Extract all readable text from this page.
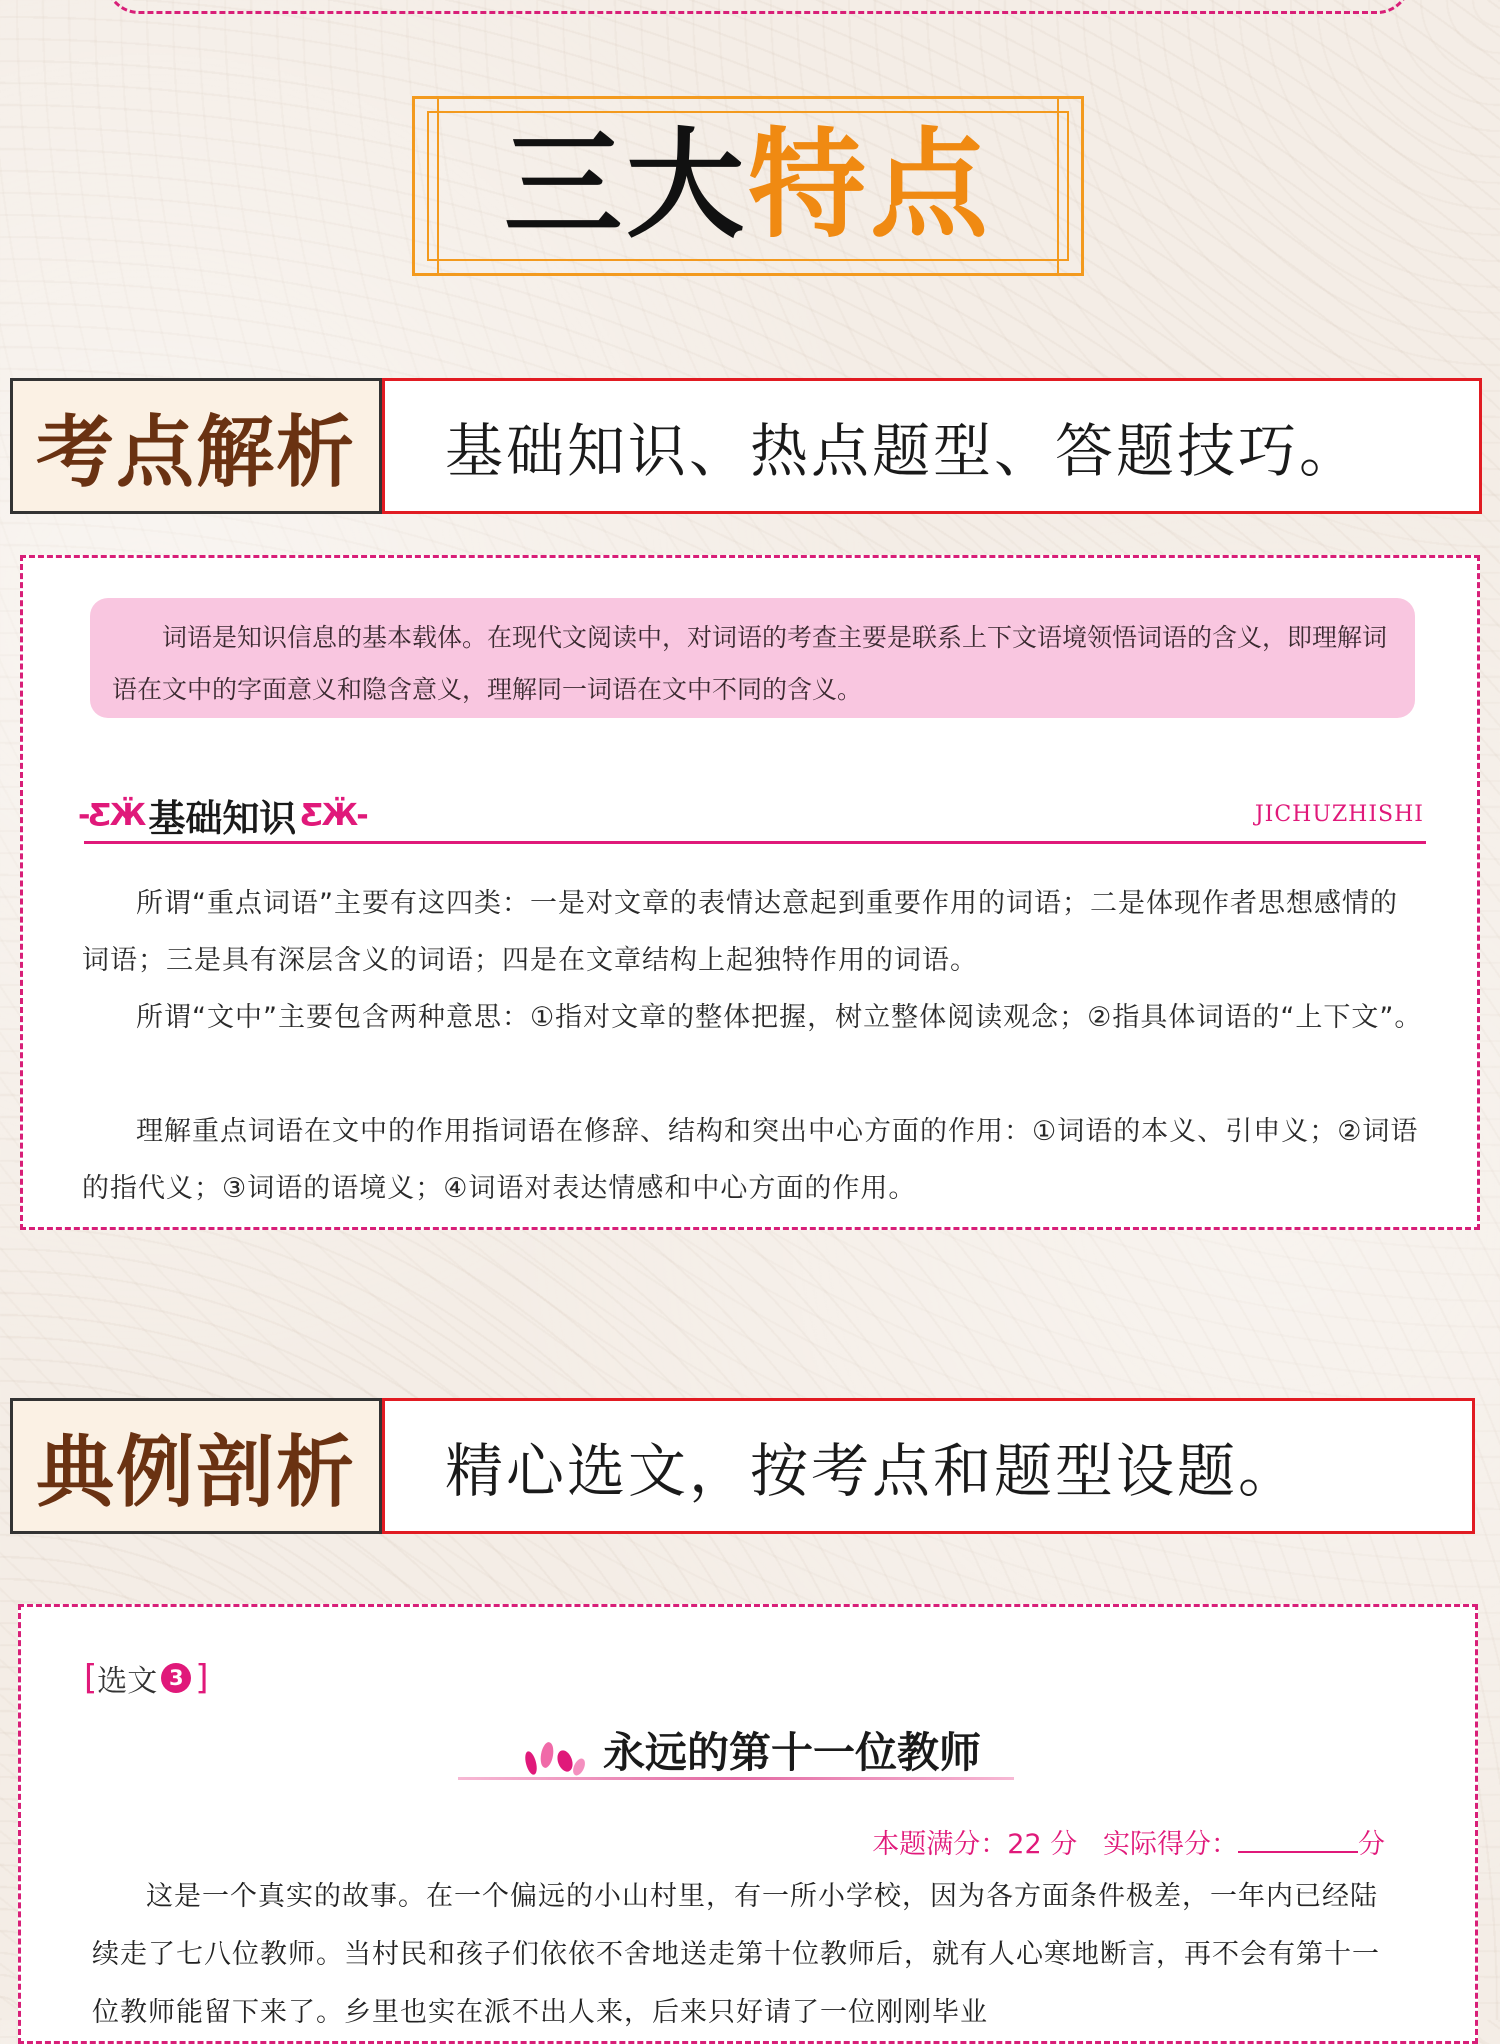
三大特点
考点解析	基础知识、热点题型、答题技巧。
词语是知识信息的基本载体。在现代文阅读中，对词语的考查主要是联系上下文语境领悟词语的含义，即理解词语在文中的字面意义和隐含意义，理解同一词语在文中不同的含义。
-ƸӜ 基础知识 ƸӜ-	JICHUZHISHI
所谓“重点词语”主要有这四类：一是对文章的表情达意起到重要作用的词语；二是体现作者思想感情的词语；三是具有深层含义的词语；四是在文章结构上起独特作用的词语。
所谓“文中”主要包含两种意思：①指对文章的整体把握，树立整体阅读观念；②指具体词语的“上下文”。
理解重点词语在文中的作用指词语在修辞、结构和突出中心方面的作用：①词语的本义、引申义；②词语的指代义；③词语的语境义；④词语对表达情感和中心方面的作用。
典例剖析	精心选文，按考点和题型设题。
[ 选文 3 ]
永远的第十一位教师
本题满分：22 分 实际得分：	分
这是一个真实的故事。在一个偏远的小山村里，有一所小学校，因为各方面条件极差，一年内已经陆续走了七八位教师。当村民和孩子们依依不舍地送走第十位教师后，就有人心寒地断言，再不会有第十一位教师能留下来了。乡里也实在派不出人来，后来只好请了一位刚刚毕业
